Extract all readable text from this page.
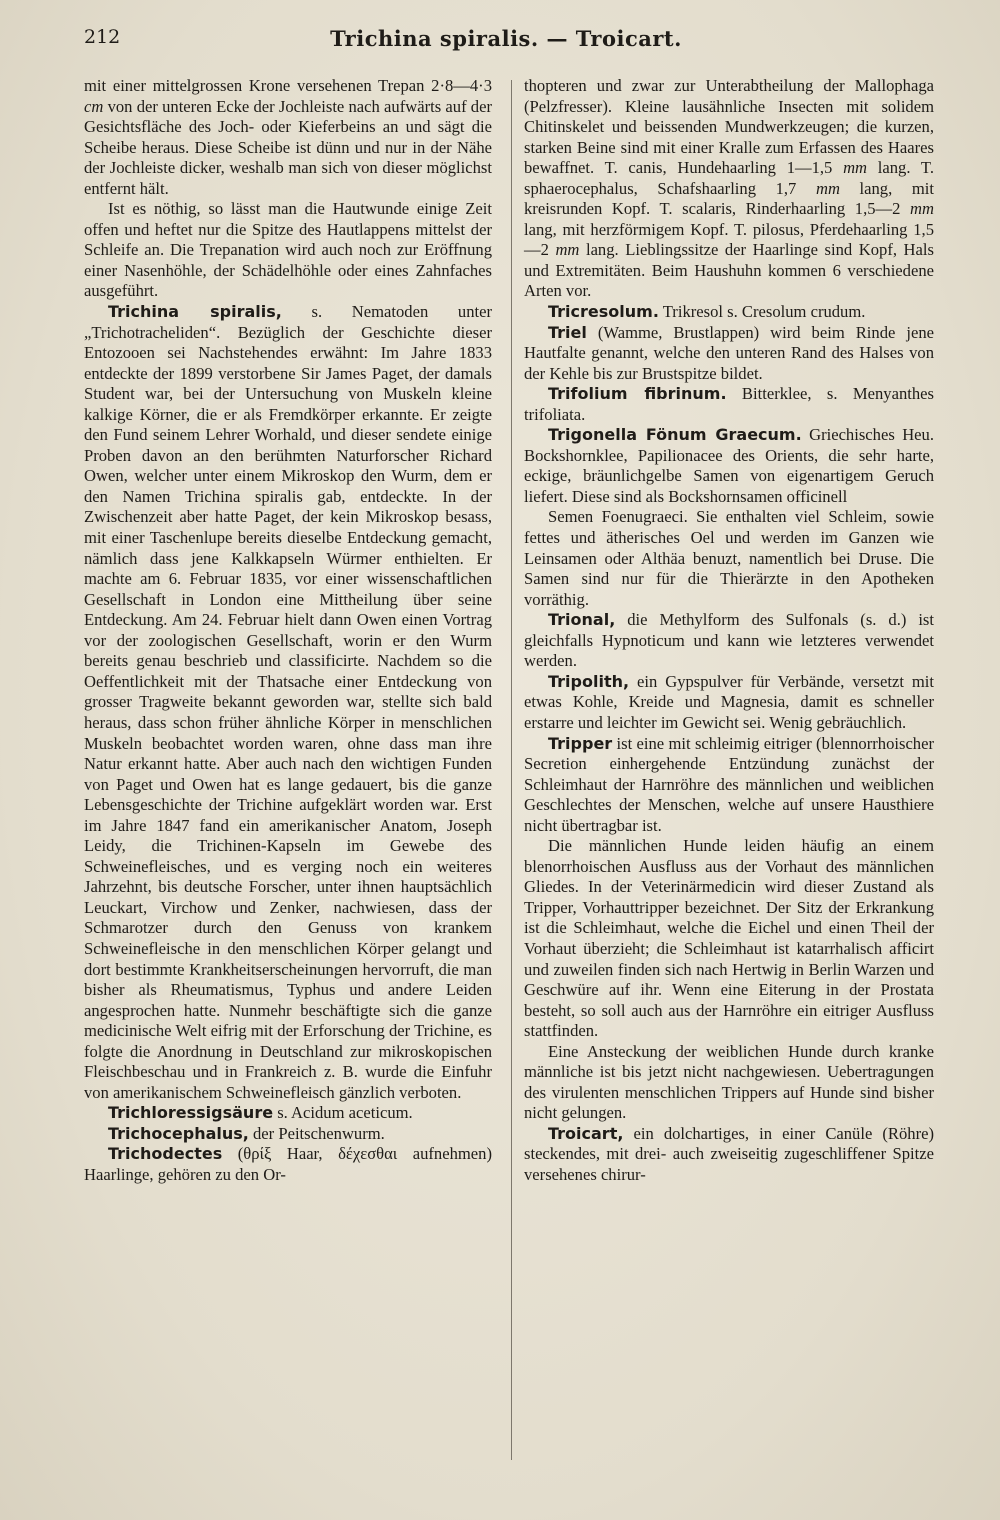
212	Trichina spiralis. — Troicart.

mit einer mittelgrossen Krone versehenen Trepan 2·8—4·3 cm von der unteren Ecke der Jochleiste nach aufwärts auf der Gesichtsfläche des Joch- oder Kieferbeins an und sägt die Scheibe heraus. Diese Scheibe ist dünn und nur in der Nähe der Jochleiste dicker, weshalb man sich von dieser möglichst entfernt hält.

Ist es nöthig, so lässt man die Hautwunde einige Zeit offen und heftet nur die Spitze des Hautlappens mittelst der Schleife an. Die Trepanation wird auch noch zur Eröffnung einer Nasenhöhle, der Schädelhöhle oder eines Zahnfaches ausgeführt.

Trichina spiralis, s. Nematoden unter „Trichotracheliden“. Bezüglich der Geschichte dieser Entozooen sei Nachstehendes erwähnt: Im Jahre 1833 entdeckte der 1899 verstorbene Sir James Paget, der damals Student war, bei der Untersuchung von Muskeln kleine kalkige Körner, die er als Fremdkörper erkannte. Er zeigte den Fund seinem Lehrer Worhald, und dieser sendete einige Proben davon an den berühmten Naturforscher Richard Owen, welcher unter einem Mikroskop den Wurm, dem er den Namen Trichina spiralis gab, entdeckte. In der Zwischenzeit aber hatte Paget, der kein Mikroskop besass, mit einer Taschenlupe bereits dieselbe Entdeckung gemacht, nämlich dass jene Kalkkapseln Würmer enthielten. Er machte am 6. Februar 1835, vor einer wissenschaftlichen Gesellschaft in London eine Mittheilung über seine Entdeckung. Am 24. Februar hielt dann Owen einen Vortrag vor der zoologischen Gesellschaft, worin er den Wurm bereits genau beschrieb und classificirte. Nachdem so die Oeffentlichkeit mit der Thatsache einer Entdeckung von grosser Tragweite bekannt geworden war, stellte sich bald heraus, dass schon früher ähnliche Körper in menschlichen Muskeln beobachtet worden waren, ohne dass man ihre Natur erkannt hatte. Aber auch nach den wichtigen Funden von Paget und Owen hat es lange gedauert, bis die ganze Lebensgeschichte der Trichine aufgeklärt worden war. Erst im Jahre 1847 fand ein amerikanischer Anatom, Joseph Leidy, die Trichinen-Kapseln im Gewebe des Schweinefleisches, und es verging noch ein weiteres Jahrzehnt, bis deutsche Forscher, unter ihnen hauptsächlich Leuckart, Virchow und Zenker, nachwiesen, dass der Schmarotzer durch den Genuss von krankem Schweinefleische in den menschlichen Körper gelangt und dort bestimmte Krankheitserscheinungen hervorruft, die man bisher als Rheumatismus, Typhus und andere Leiden angesprochen hatte. Nunmehr beschäftigte sich die ganze medicinische Welt eifrig mit der Erforschung der Trichine, es folgte die Anordnung in Deutschland zur mikroskopischen Fleischbeschau und in Frankreich z. B. wurde die Einfuhr von amerikanischem Schweinefleisch gänzlich verboten.

Trichloressigsäure s. Acidum aceticum.

Trichocephalus, der Peitschenwurm.

Trichodectes (θρίξ Haar, δέχεσθαι aufnehmen) Haarlinge, gehören zu den Or-

thopteren und zwar zur Unterabtheilung der Mallophaga (Pelzfresser). Kleine lausähnliche Insecten mit solidem Chitinskelet und beissenden Mundwerkzeugen; die kurzen, starken Beine sind mit einer Kralle zum Erfassen des Haares bewaffnet. T. canis, Hundehaarling 1—1,5 mm lang. T. sphaerocephalus, Schafshaarling 1,7 mm lang, mit kreisrunden Kopf. T. scalaris, Rinderhaarling 1,5—2 mm lang, mit herzförmigem Kopf. T. pilosus, Pferdehaarling 1,5—2 mm lang. Lieblingssitze der Haarlinge sind Kopf, Hals und Extremitäten. Beim Haushuhn kommen 6 verschiedene Arten vor.

Tricresolum. Trikresol s. Cresolum crudum.

Triel (Wamme, Brustlappen) wird beim Rinde jene Hautfalte genannt, welche den unteren Rand des Halses von der Kehle bis zur Brustspitze bildet.

Trifolium fibrinum. Bitterklee, s. Menyanthes trifoliata.

Trigonella Fönum Graecum. Griechisches Heu. Bockshornklee, Papilionacee des Orients, die sehr harte, eckige, bräunlichgelbe Samen von eigenartigem Geruch liefert. Diese sind als Bockshornsamen officinell

Semen Foenugraeci. Sie enthalten viel Schleim, sowie fettes und ätherisches Oel und werden im Ganzen wie Leinsamen oder Althäa benuzt, namentlich bei Druse. Die Samen sind nur für die Thierärzte in den Apotheken vorräthig.

Trional, die Methylform des Sulfonals (s. d.) ist gleichfalls Hypnoticum und kann wie letzteres verwendet werden.

Tripolith, ein Gypspulver für Verbände, versetzt mit etwas Kohle, Kreide und Magnesia, damit es schneller erstarre und leichter im Gewicht sei. Wenig gebräuchlich.

Tripper ist eine mit schleimig eitriger (blennorrhoischer Secretion einhergehende Entzündung zunächst der Schleimhaut der Harnröhre des männlichen und weiblichen Geschlechtes der Menschen, welche auf unsere Hausthiere nicht übertragbar ist.

Die männlichen Hunde leiden häufig an einem blenorrhoischen Ausfluss aus der Vorhaut des männlichen Gliedes. In der Veterinärmedicin wird dieser Zustand als Tripper, Vorhauttripper bezeichnet. Der Sitz der Erkrankung ist die Schleimhaut, welche die Eichel und einen Theil der Vorhaut überzieht; die Schleimhaut ist katarrhalisch afficirt und zuweilen finden sich nach Hertwig in Berlin Warzen und Geschwüre auf ihr. Wenn eine Eiterung in der Prostata besteht, so soll auch aus der Harnröhre ein eitriger Ausfluss stattfinden.

Eine Ansteckung der weiblichen Hunde durch kranke männliche ist bis jetzt nicht nachgewiesen. Uebertragungen des virulenten menschlichen Trippers auf Hunde sind bisher nicht gelungen.

Troicart, ein dolchartiges, in einer Canüle (Röhre) steckendes, mit drei- auch zweiseitig zugeschliffener Spitze versehenes chirur-
